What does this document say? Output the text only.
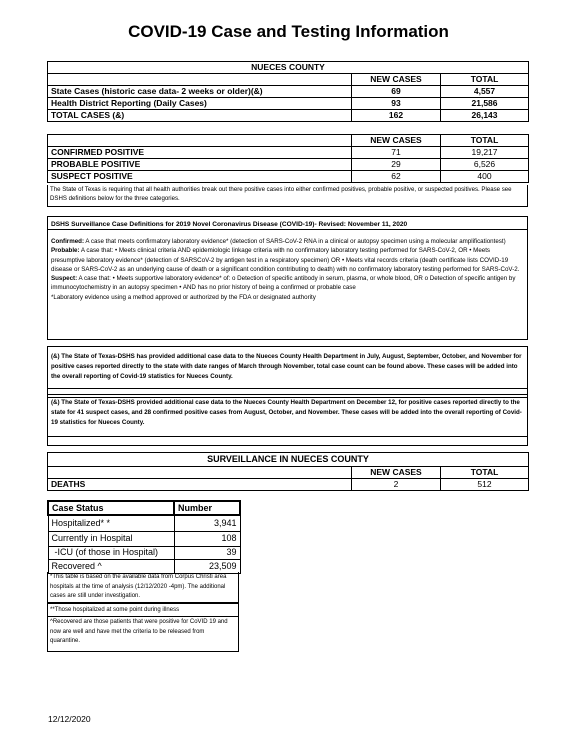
COVID-19 Case and Testing Information
NUECES COUNTY		
	NEW CASES	TOTAL
State Cases (historic case data- 2 weeks or older)(&)	69	4,557
Health District Reporting (Daily Cases)	93	21,586
TOTAL CASES (&)	162	26,143
	NEW CASES	TOTAL
CONFIRMED POSITIVE	71	19,217
PROBABLE POSITIVE	29	6,526
SUSPECT POSITIVE	62	400

The State of Texas is requiring that all health authorities break out there positive cases into either confirmed positives, probable positive, or suspected positives. Please see DSHS definitions below for the three categories.

DSHS Surveillance Case Definitions for 2019 Novel Coronavirus Disease (COVID-19)- Revised: November 11, 2020

Confirmed: A case that meets confirmatory laboratory evidence* (detection of SARS-CoV-2 RNA in a clinical or autopsy specimen using a molecular amplificationtest)

Probable: A case that: • Meets clinical criteria AND epidemiologic linkage criteria with no confirmatory laboratory testing performed for SARS-CoV-2, OR • Meets presumptive laboratory evidence* (detection of SARSCoV-2 by antigen test in a respiratory specimen) OR • Meets vital records criteria (death certificate lists COVID-19 disease or SARS-CoV-2 as an underlying cause of death or a significant condition contributing to death) with no confirmatory laboratory testing performed for SARS-CoV-2.

Suspect: A case that: • Meets supportive laboratory evidence* of: o Detection of specific antibody in serum, plasma, or whole blood, OR o Detection of specific antigen by immunocytochemistry in an autopsy specimen • AND has no prior history of being a confirmed or probable case

*Laboratory evidence using a method approved or authorized by the FDA or designated authority

(&) The State of Texas-DSHS has provided additional case data to the Nueces County Health Department in July, August, September, October, and November for positive cases reported directly to the state with date ranges of March through November, total case count can be found above. These cases will be added into the overall reporting of Covid-19 statistics for Nueces County.

(&) The State of Texas-DSHS provided additional case data to the Nueces County Health Department on December 12, for positive cases reported directly to the state for 41 suspect cases, and 28 confirmed positive cases from August, October, and November. These cases will be added into the overall reporting of Covid-19 statistics for Nueces County.

SURVEILLANCE IN NUECES COUNTY		
	NEW CASES	TOTAL
DEATHS	2	512
Case Status	Number
Hospitalized* *	3,941
Currently in Hospital	108
-ICU (of those in Hospital)	39
Recovered ^	23,509

*This table is based on the available data from Corpus Christi area hospitals at the time of analysis (12/12/2020 -4pm). The additional cases are still under investigation.

**Those hospitalized at some point during illness

^Recovered are those patients that were positive for CoVID 19 and now are well and have met the criteria to be released from quarantine.

12/12/2020
